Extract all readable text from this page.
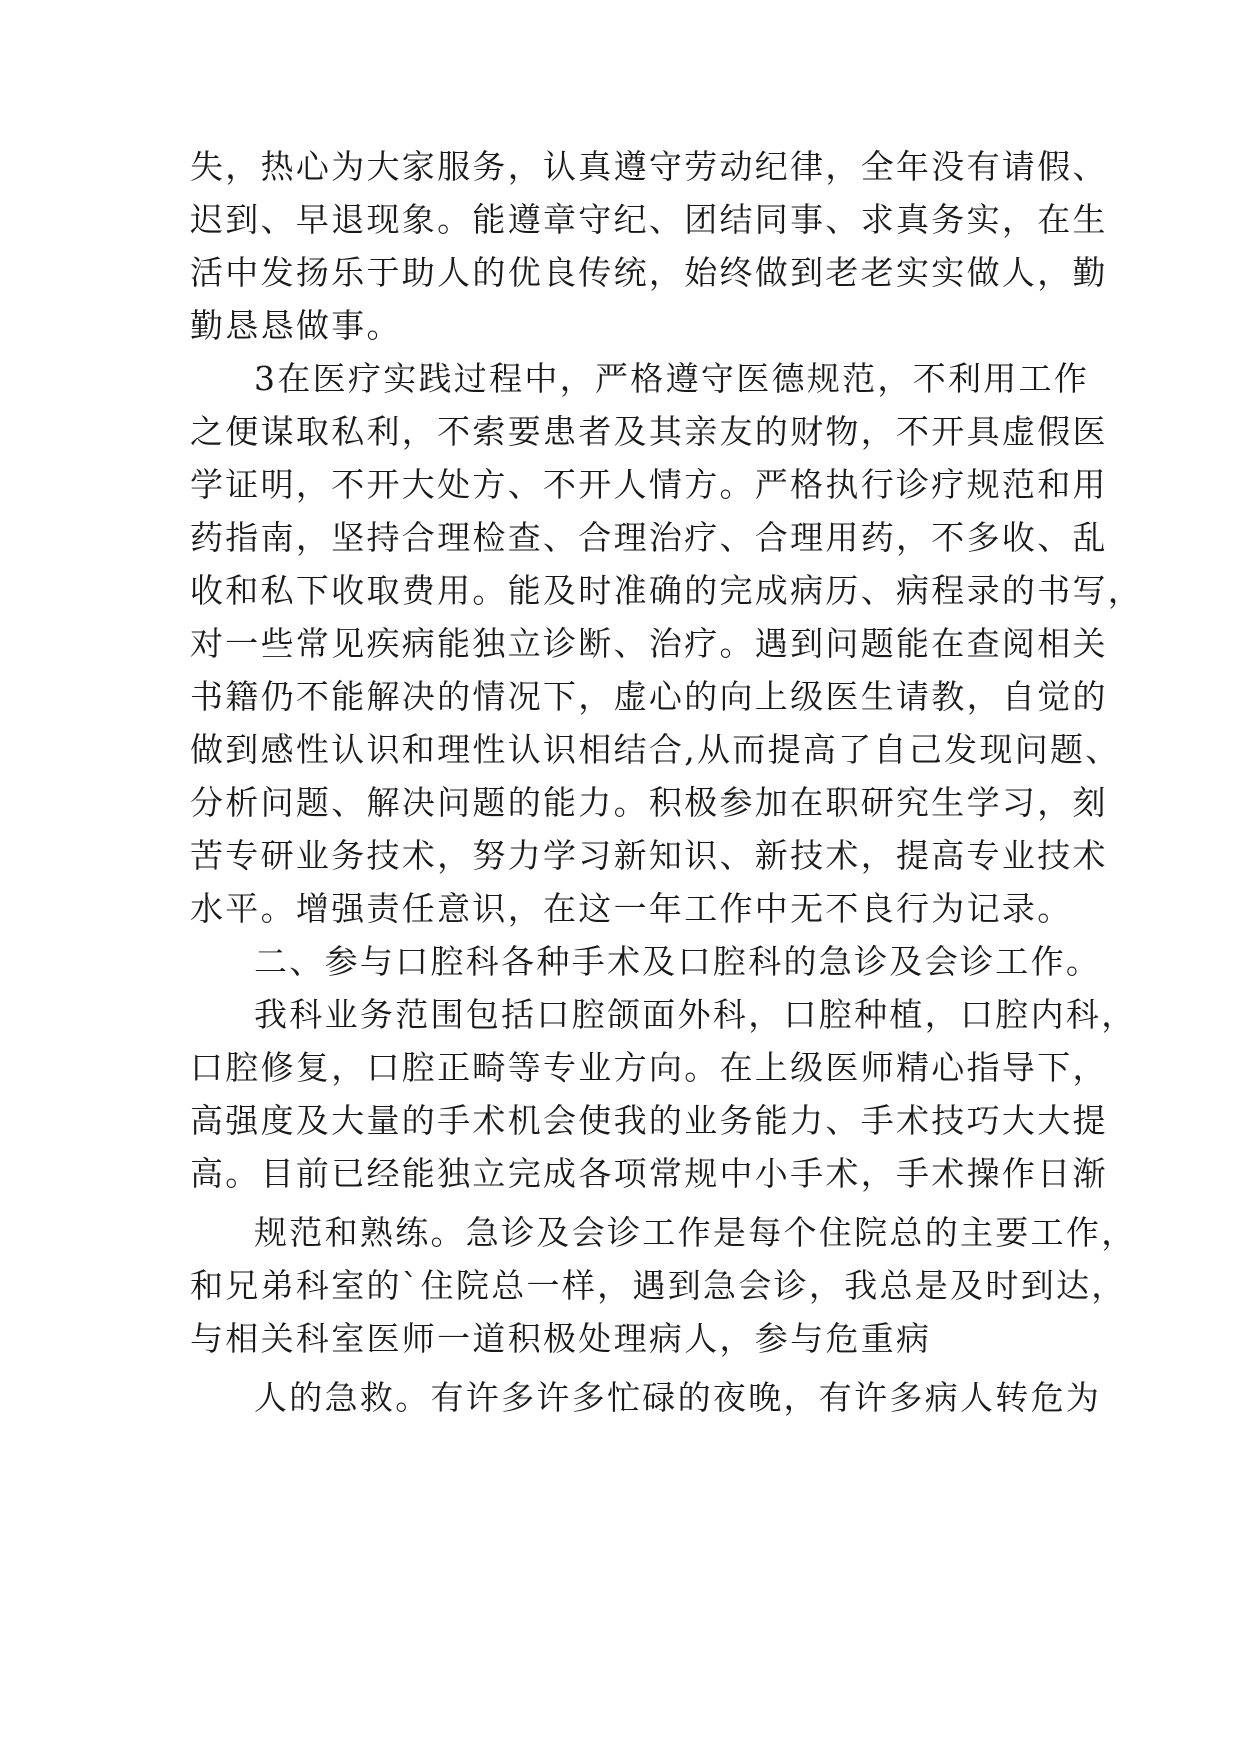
失，热心为大家服务，认真遵守劳动纪律，全年没有请假、
迟到、早退现象。能遵章守纪、团结同事、求真务实，在生
活中发扬乐于助人的优良传统，始终做到老老实实做人，勤
勤恳恳做事。
3在医疗实践过程中，严格遵守医德规范，不利用工作
之便谋取私利，不索要患者及其亲友的财物，不开具虚假医
学证明，不开大处方、不开人情方。严格执行诊疗规范和用
药指南，坚持合理检查、合理治疗、合理用药，不多收、乱
收和私下收取费用。能及时准确的完成病历、病程录的书写，
对一些常见疾病能独立诊断、治疗。遇到问题能在查阅相关
书籍仍不能解决的情况下，虚心的向上级医生请教，自觉的
做到感性认识和理性认识相结合,从而提高了自己发现问题、
分析问题、解决问题的能力。积极参加在职研究生学习，刻
苦专研业务技术，努力学习新知识、新技术，提高专业技术
水平。增强责任意识，在这一年工作中无不良行为记录。
二、参与口腔科各种手术及口腔科的急诊及会诊工作。
我科业务范围包括口腔颌面外科，口腔种植，口腔内科，
口腔修复，口腔正畸等专业方向。在上级医师精心指导下，
高强度及大量的手术机会使我的业务能力、手术技巧大大提
高。目前已经能独立完成各项常规中小手术，手术操作日渐
规范和熟练。急诊及会诊工作是每个住院总的主要工作，
和兄弟科室的`住院总一样，遇到急会诊，我总是及时到达，
与相关科室医师一道积极处理病人，参与危重病
人的急救。有许多许多忙碌的夜晚，有许多病人转危为
